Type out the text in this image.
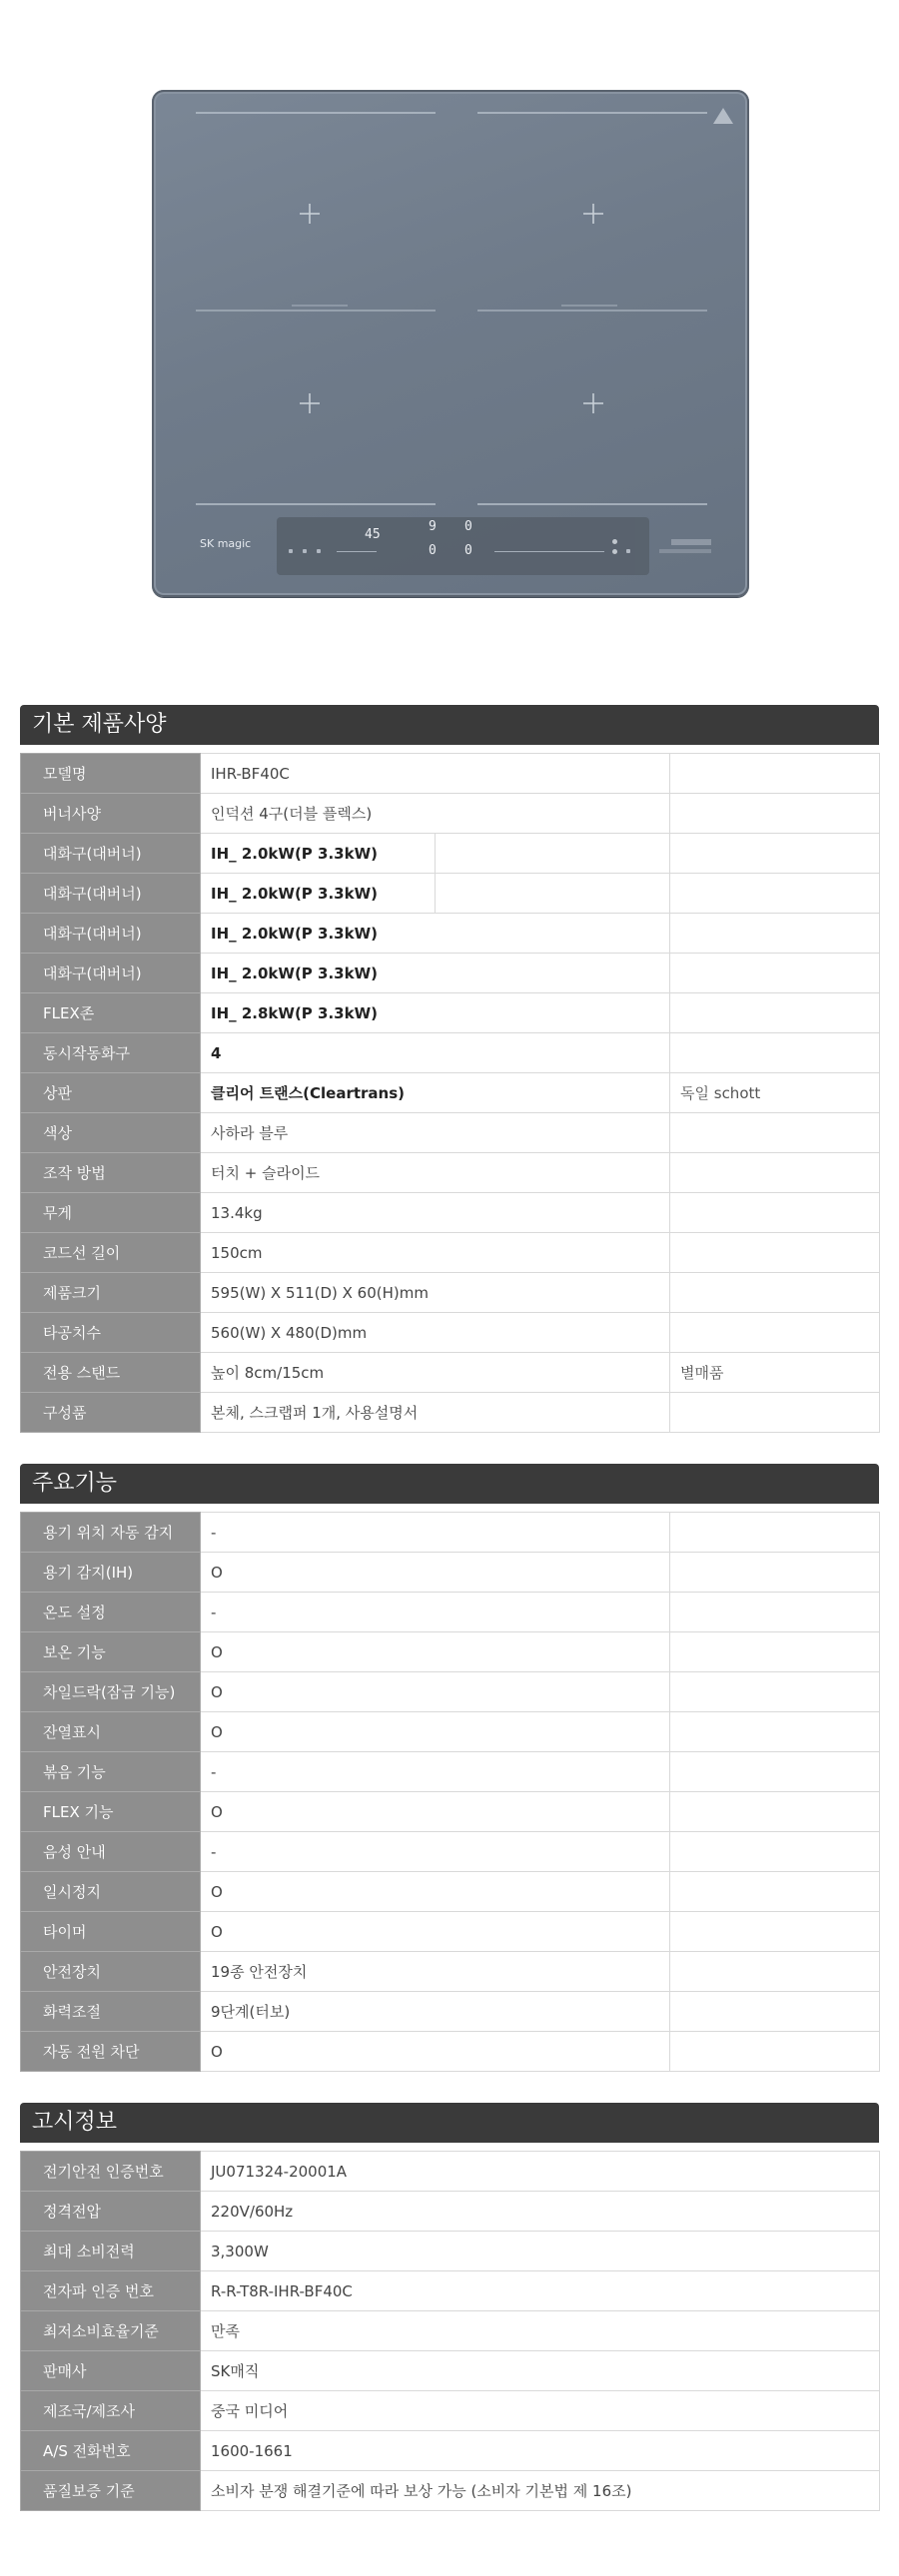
SK magic
45
9 0
0 0
기본 제품사양
모델명	IHR-BF40C		
버너사양	인덕션 4구(더블 플렉스)		
대화구(대버너)	IH_ 2.0kW(P 3.3kW)		
대화구(대버너)	IH_ 2.0kW(P 3.3kW)		
대화구(대버너)	IH_ 2.0kW(P 3.3kW)		
대화구(대버너)	IH_ 2.0kW(P 3.3kW)		
FLEX존	IH_ 2.8kW(P 3.3kW)		
동시작동화구	4		
상판	클리어 트랜스(Cleartrans)		독일 schott
색상	사하라 블루		
조작 방법	터치 + 슬라이드		
무게	13.4kg		
코드선 길이	150cm		
제품크기	595(W) X 511(D) X 60(H)mm		
타공치수	560(W) X 480(D)mm		
전용 스탠드	높이 8cm/15cm		별매품
구성품	본체, 스크랩퍼 1개, 사용설명서		
주요기능
용기 위치 자동 감지	-	
용기 감지(IH)	O	
온도 설정	-	
보온 기능	O	
차일드락(잠금 기능)	O	
잔열표시	O	
볶음 기능	-	
FLEX 기능	O	
음성 안내	-	
일시정지	O	
타이머	O	
안전장치	19종 안전장치	
화력조절	9단계(터보)	
자동 전원 차단	O	
고시정보
전기안전 인증번호	JU071324-20001A
정격전압	220V/60Hz
최대 소비전력	3,300W
전자파 인증 번호	R-R-T8R-IHR-BF40C
최저소비효율기준	만족
판매사	SK매직
제조국/제조사	중국 미디어
A/S 전화번호	1600-1661
품질보증 기준	소비자 분쟁 해결기준에 따라 보상 가능 (소비자 기본법 제 16조)
